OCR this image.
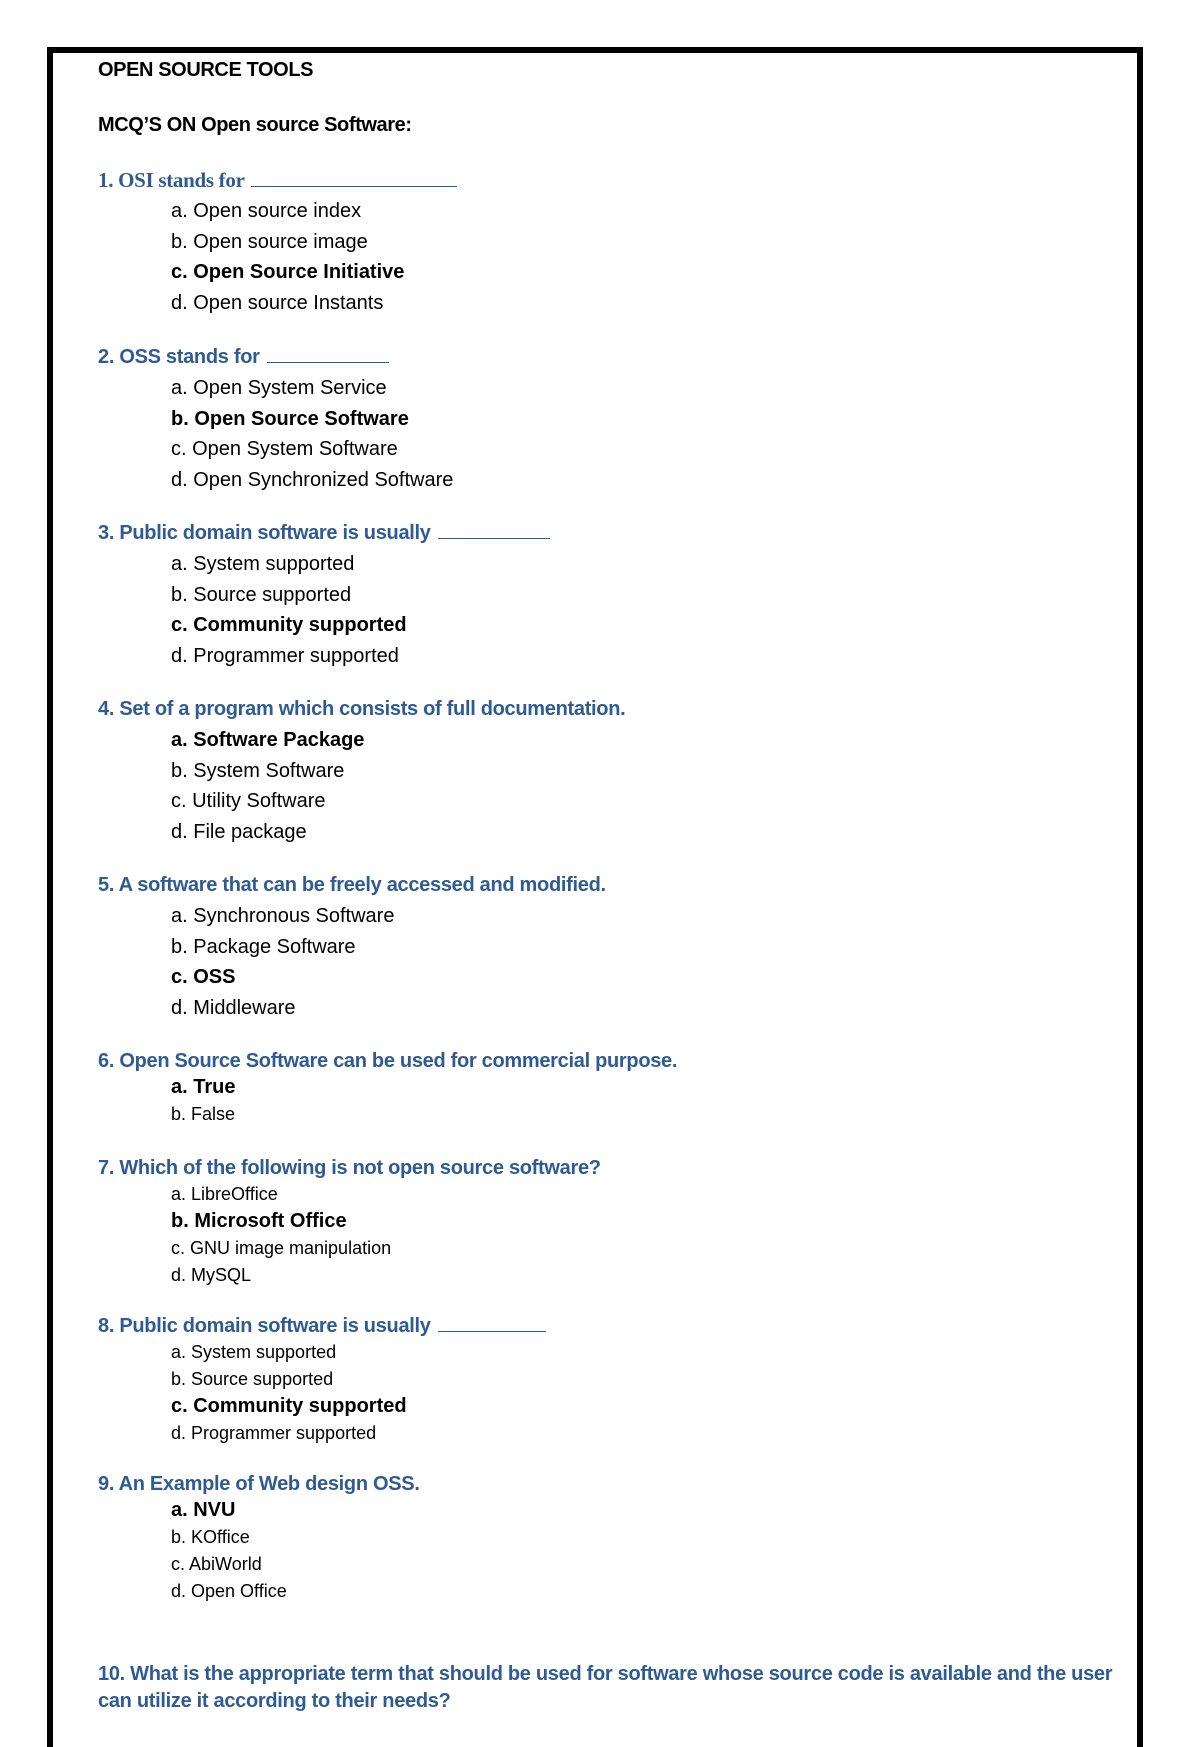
OPEN SOURCE TOOLS
MCQ’S ON Open source Software:
1. OSI stands for
a. Open source index
b. Open source image
c. Open Source Initiative
d. Open source Instants
2. OSS stands for
a. Open System Service
b. Open Source Software
c. Open System Software
d. Open Synchronized Software
3. Public domain software is usually
a. System supported
b. Source supported
c. Community supported
d. Programmer supported
4. Set of a program which consists of full documentation.
a. Software Package
b. System Software
c. Utility Software
d. File package
5. A software that can be freely accessed and modified.
a. Synchronous Software
b. Package Software
c. OSS
d. Middleware
6. Open Source Software can be used for commercial purpose.
a. True
b. False
7. Which of the following is not open source software?
a. LibreOffice
b. Microsoft Office
c. GNU image manipulation
d. MySQL
8. Public domain software is usually
a. System supported
b. Source supported
c. Community supported
d. Programmer supported
9. An Example of Web design OSS.
a. NVU
b. KOffice
c. AbiWorld
d. Open Office
10. What is the appropriate term that should be used for software whose source code is available and the user can utilize it according to their needs?
